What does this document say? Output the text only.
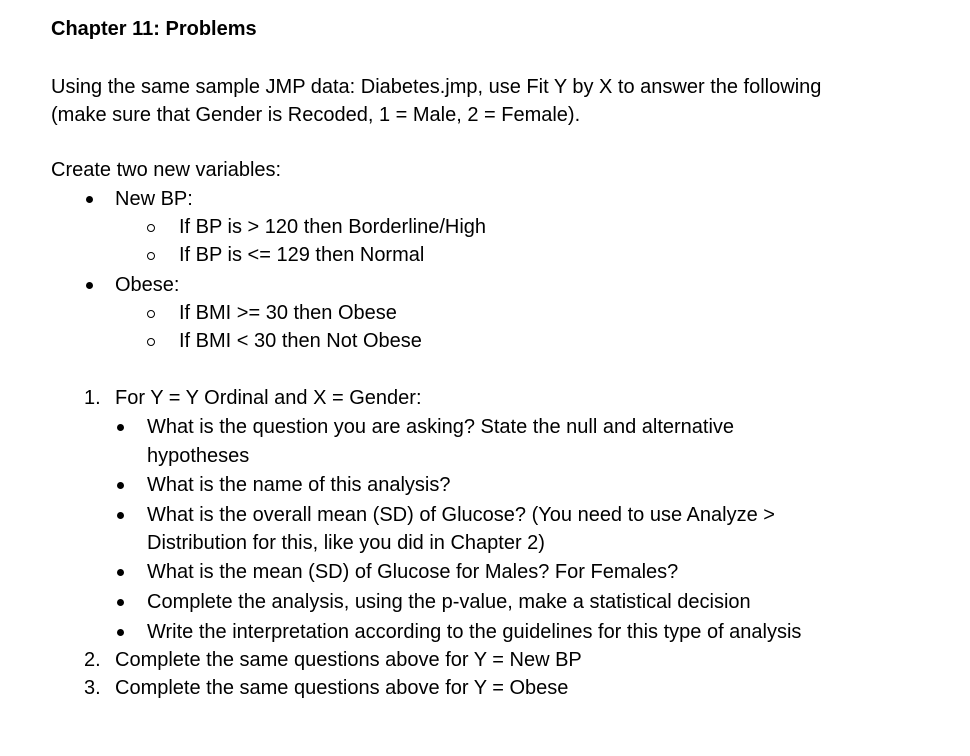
Chapter 11: Problems
Using the same sample JMP data: Diabetes.jmp, use Fit Y by X to answer the following
(make sure that Gender is Recoded, 1 = Male, 2 = Female).
Create two new variables:
New BP:
If BP is > 120 then Borderline/High
If BP is <= 129 then Normal
Obese:
If BMI >= 30 then Obese
If BMI < 30 then Not Obese
1. For Y = Y Ordinal and X = Gender:
What is the question you are asking? State the null and alternative
hypotheses
What is the name of this analysis?
What is the overall mean (SD) of Glucose? (You need to use Analyze >
Distribution for this, like you did in Chapter 2)
What is the mean (SD) of Glucose for Males? For Females?
Complete the analysis, using the p-value, make a statistical decision
Write the interpretation according to the guidelines for this type of analysis
2. Complete the same questions above for Y = New BP
3. Complete the same questions above for Y = Obese
